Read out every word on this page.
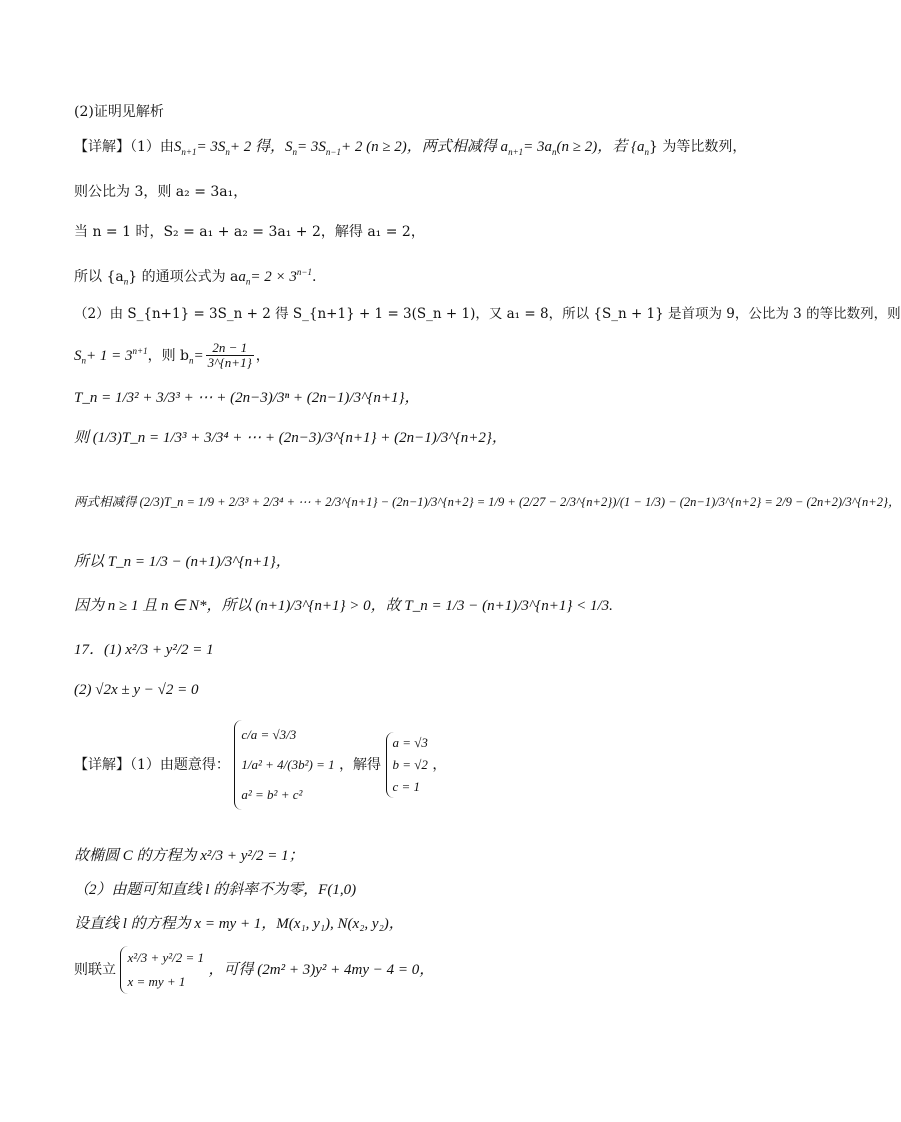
(2)证明见解析
【详解】（1）由$S_{n+1}= 3S_n+ 2$ 得，$S_n= 3S_{n-1}+ 2$ (n ≥ 2)，两式相减得 $a_{n+1}= 3a_n(n \ge 2)$，若 $\{a_n\}$ 为等比数列，
则公比为 3，则 a₂ = 3a₁，
当 n = 1 时，S₂ = a₁ + a₂ = 3a₁ + 2，解得 a₁ = 2，
所以 $\{a_n\}$ 的通项公式为 $aa_n= 2 \times 3^{n-1}$.
（2）由 S_{n+1} = 3S_n + 2 得 S_{n+1} + 1 = 3(S_n + 1)，又 a₁ = 8，所以 {S_n + 1} 是首项为 9，公比为 3 的等比数列，则
$S_n+ 1 = 3^{n+1}$，则 $b_n= \frac{2n - 1}{3\^{}\{n+1\}}$ ，
T_n = 1/3² + 3/3³ + ⋯ + (2n−3)/3ⁿ + (2n−1)/3^{n+1}，
则 (1/3)T_n = 1/3³ + 3/3⁴ + ⋯ + (2n−3)/3^{n+1} + (2n−1)/3^{n+2}，
两式相减得 (2/3)T_n = 1/9 + 2/3³ + 2/3⁴ + ⋯ + 2/3^{n+1} − (2n−1)/3^{n+2} = 1/9 + (2/27 − 2/3^{n+2})/(1 − 1/3) − (2n−1)/3^{n+2} = 2/9 − (2n+2)/3^{n+2}，
所以 T_n = 1/3 − (n+1)/3^{n+1}，
因为 n ≥ 1 且 n ∈ N*，所以 (n+1)/3^{n+1} > 0，故 T_n = 1/3 − (n+1)/3^{n+1} < 1/3.
17．(1) x²/3 + y²/2 = 1
(2) √2x ± y − √2 = 0
【详解】（1）由题意得：
c/a = √3/3
1/a² + 4/(3b²) = 1
a² = b² + c²
，解得
a = √3
b = √2
c = 1
，
故椭圆 C 的方程为 x²/3 + y²/2 = 1；
（2）由题可知直线 l 的斜率不为零，F(1,0)
设直线 l 的方程为 x = my + 1，M(x₁, y₁), N(x₂, y₂)，
则联立
x²/3 + y²/2 = 1
x = my + 1
，可得 (2m² + 3)y² + 4my − 4 = 0，
